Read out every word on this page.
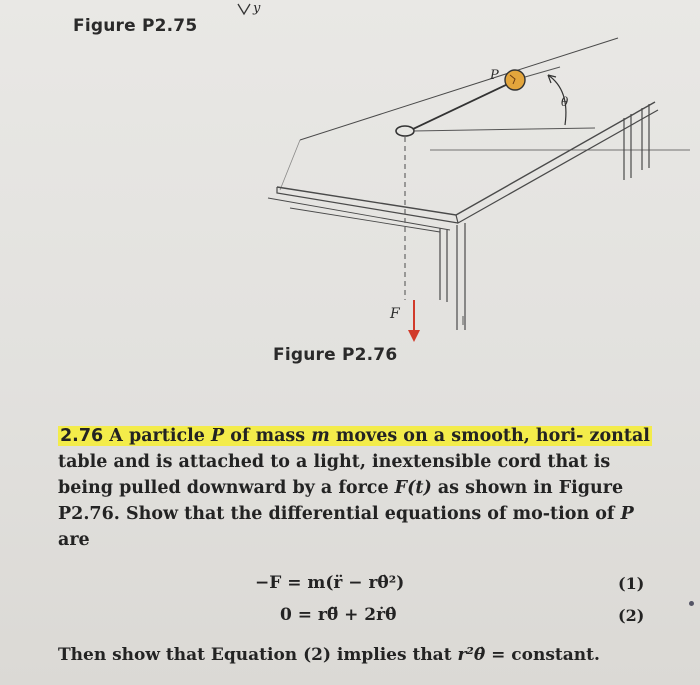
Figure P2.75
y
θ
P
F
Figure P2.76
2.76 A particle P of mass m moves on a smooth, hori- zontal table and is attached to a light, inextensible cord that is being pulled downward by a force F(t) as shown in Figure P2.76. Show that the differential equations of mo-tion of P are
−F = m(r̈ − rθ̇²)	(1)
0 = rθ̈ + 2ṙθ̇	(2)
Then show that Equation (2) implies that r²θ̇ = constant.
